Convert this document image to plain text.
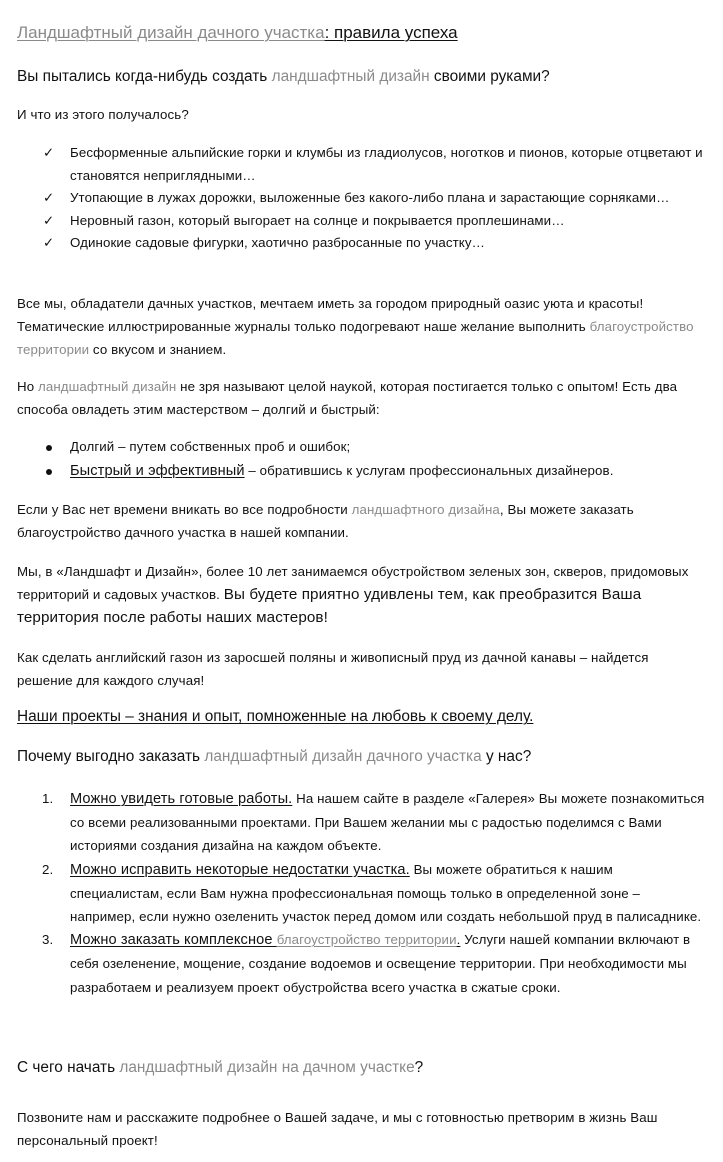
Ландшафтный дизайн дачного участка: правила успеха

Вы пытались когда-нибудь создать ландшафтный дизайн своими руками?

И что из этого получалось?

✓	Бесформенные альпийские горки и клумбы из гладиолусов, ноготков и пионов, которые отцветают и становятся неприглядными…
✓	Утопающие в лужах дорожки, выложенные без какого-либо плана и зарастающие сорняками…
✓	Неровный газон, который выгорает на солнце и покрывается проплешинами…
✓	Одинокие садовые фигурки, хаотично разбросанные по участку…

Все мы, обладатели дачных участков, мечтаем иметь за городом природный оазис уюта и красоты! Тематические иллюстрированные журналы только подогревают наше желание выполнить благоустройство территории со вкусом и знанием.

Но ландшафтный дизайн не зря называют целой наукой, которая постигается только с опытом! Есть два способа овладеть этим мастерством – долгий и быстрый:

Долгий – путем собственных проб и ошибок;
Быстрый и эффективный – обратившись к услугам профессиональных дизайнеров.

Если у Вас нет времени вникать во все подробности ландшафтного дизайна, Вы можете заказать благоустройство дачного участка в нашей компании.

Мы, в «Ландшафт и Дизайн», более 10 лет занимаемся обустройством зеленых зон, скверов, придомовых территорий и садовых участков. Вы будете приятно удивлены тем, как преобразится Ваша территория после работы наших мастеров!

Как сделать английский газон из заросшей поляны и живописный пруд из дачной канавы – найдется решение для каждого случая!

Наши проекты – знания и опыт, помноженные на любовь к своему делу.

Почему выгодно заказать ландшафтный дизайн дачного участка у нас?

1. Можно увидеть готовые работы. На нашем сайте в разделе «Галерея» Вы можете познакомиться со всеми реализованными проектами. При Вашем желании мы с радостью поделимся с Вами историями создания дизайна на каждом объекте.
2. Можно исправить некоторые недостатки участка. Вы можете обратиться к нашим специалистам, если Вам нужна профессиональная помощь только в определенной зоне – например, если нужно озеленить участок перед домом или создать небольшой пруд в палисаднике.
3. Можно заказать комплексное благоустройство территории. Услуги нашей компании включают в себя озеленение, мощение, создание водоемов и освещение территории. При необходимости мы разработаем и реализуем проект обустройства всего участка в сжатые сроки.

С чего начать ландшафтный дизайн на дачном участке?

Позвоните нам и расскажите подробнее о Вашей задаче, и мы с готовностью претворим в жизнь Ваш персональный проект!
